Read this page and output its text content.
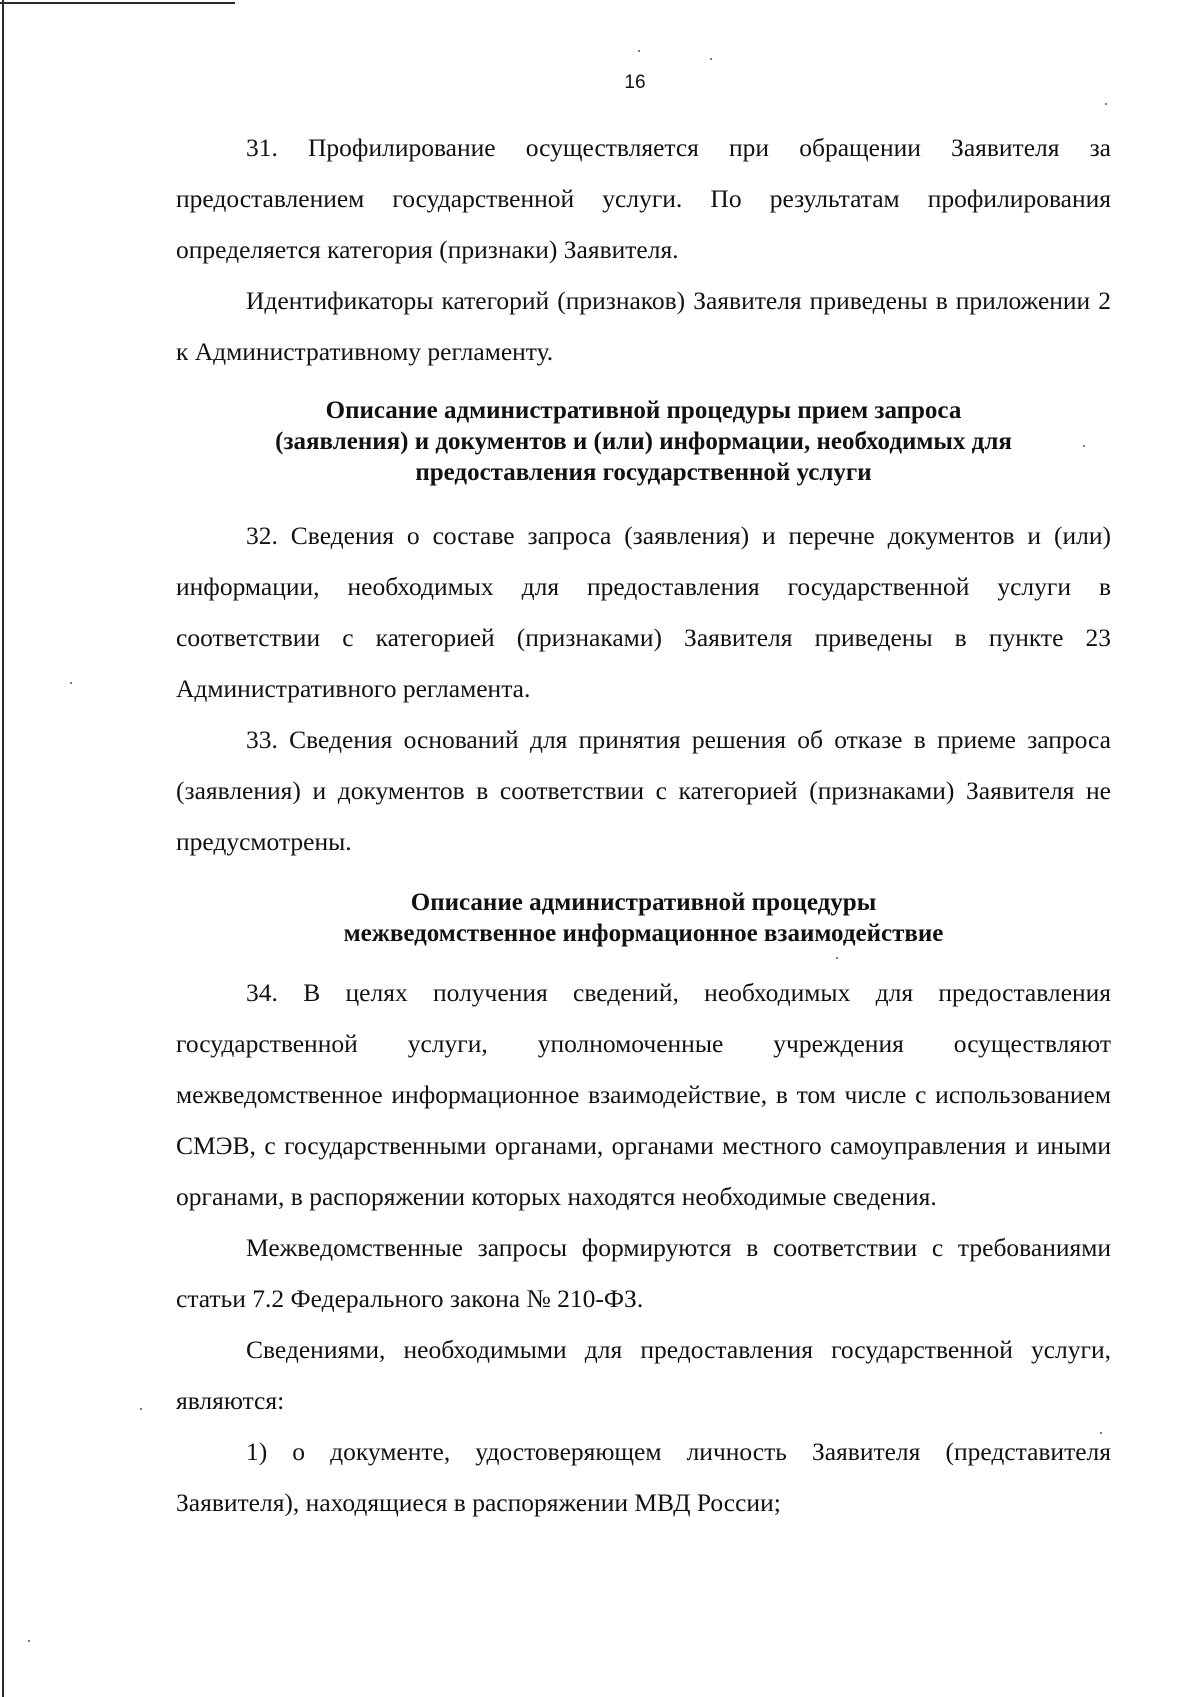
16

31. Профилирование осуществляется при обращении Заявителя за предоставлением государственной услуги. По результатам профилирования определяется категория (признаки) Заявителя.

Идентификаторы категорий (признаков) Заявителя приведены в приложении 2 к Административному регламенту.

Описание административной процедуры прием запроса
(заявления) и документов и (или) информации, необходимых для
предоставления государственной услуги

32. Сведения о составе запроса (заявления) и перечне документов и (или) информации, необходимых для предоставления государственной услуги в соответствии с категорией (признаками) Заявителя приведены в пункте 23 Административного регламента.

33. Сведения оснований для принятия решения об отказе в приеме запроса (заявления) и документов в соответствии с категорией (признаками) Заявителя не предусмотрены.

Описание административной процедуры
межведомственное информационное взаимодействие

34. В целях получения сведений, необходимых для предоставления государственной услуги, уполномоченные учреждения осуществляют межведомственное информационное взаимодействие, в том числе с использованием СМЭВ, с государственными органами, органами местного самоуправления и иными органами, в распоряжении которых находятся необходимые сведения.

Межведомственные запросы формируются в соответствии с требованиями статьи 7.2 Федерального закона № 210-ФЗ.

Сведениями, необходимыми для предоставления государственной услуги, являются:

1) о документе, удостоверяющем личность Заявителя (представителя Заявителя), находящиеся в распоряжении МВД России;
